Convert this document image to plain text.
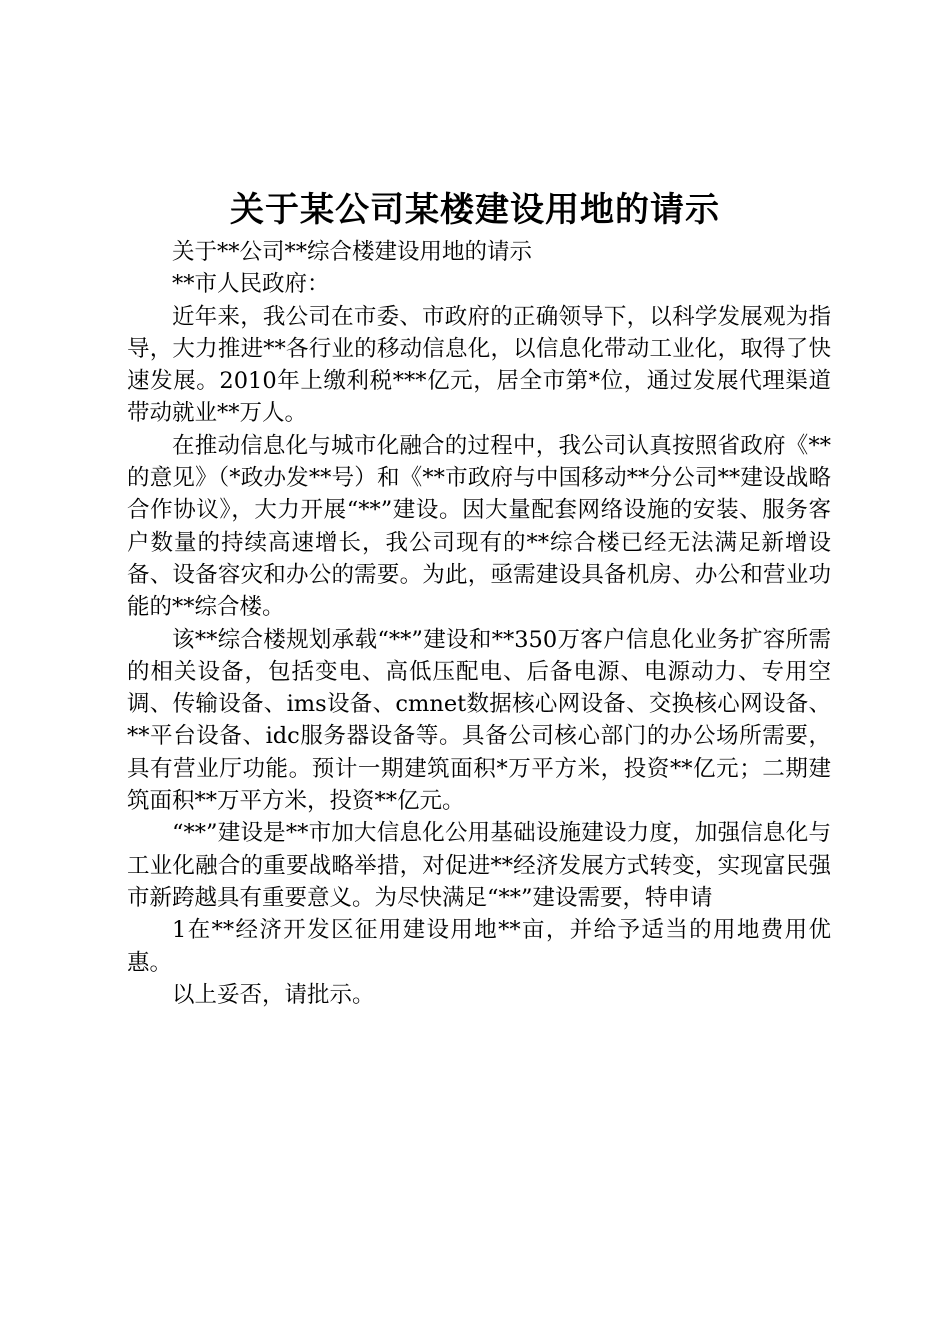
关于某公司某楼建设用地的请示

关于**公司**综合楼建设用地的请示

**市人民政府：

近年来，我公司在市委、市政府的正确领导下，以科学发展观为指导，大力推进**各行业的移动信息化，以信息化带动工业化，取得了快速发展。2010年上缴利税***亿元，居全市第*位，通过发展代理渠道带动就业**万人。

在推动信息化与城市化融合的过程中，我公司认真按照省政府《**的意见》（*政办发**号）和《**市政府与中国移动**分公司**建设战略合作协议》，大力开展“**”建设。因大量配套网络设施的安装、服务客户数量的持续高速增长，我公司现有的**综合楼已经无法满足新增设备、设备容灾和办公的需要。为此，亟需建设具备机房、办公和营业功能的**综合楼。

该**综合楼规划承载“**”建设和**350万客户信息化业务扩容所需的相关设备，包括变电、高低压配电、后备电源、电源动力、专用空调、传输设备、ims设备、cmnet数据核心网设备、交换核心网设备、**平台设备、idc服务器设备等。具备公司核心部门的办公场所需要，具有营业厅功能。预计一期建筑面积*万平方米，投资**亿元；二期建筑面积**万平方米，投资**亿元。

“**”建设是**市加大信息化公用基础设施建设力度，加强信息化与工业化融合的重要战略举措，对促进**经济发展方式转变，实现富民强市新跨越具有重要意义。为尽快满足“**”建设需要，特申请

1在**经济开发区征用建设用地**亩，并给予适当的用地费用优惠。

以上妥否，请批示。
